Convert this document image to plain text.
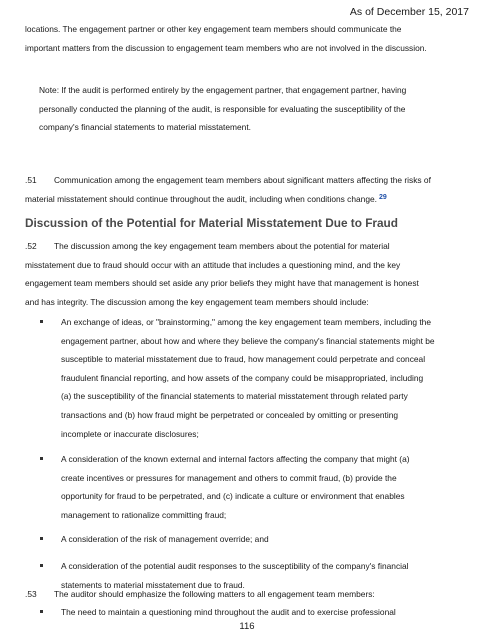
As of December 15, 2017

locations. The engagement partner or other key engagement team members should communicate the
important matters from the discussion to engagement team members who are not involved in the discussion.

Note: If the audit is performed entirely by the engagement partner, that engagement partner, having
personally conducted the planning of the audit, is responsible for evaluating the susceptibility of the
company's financial statements to material misstatement.

.51 Communication among the engagement team members about significant matters affecting the risks of
material misstatement should continue throughout the audit, including when conditions change. $^{29}$

Discussion of the Potential for Material Misstatement Due to Fraud

.52 The discussion among the key engagement team members about the potential for material
misstatement due to fraud should occur with an attitude that includes a questioning mind, and the key
engagement team members should set aside any prior beliefs they might have that management is honest
and has integrity. The discussion among the key engagement team members should include:

An exchange of ideas, or "brainstorming," among the key engagement team members, including the
engagement partner, about how and where they believe the company's financial statements might be
susceptible to material misstatement due to fraud, how management could perpetrate and conceal
fraudulent financial reporting, and how assets of the company could be misappropriated, including
(a) the susceptibility of the financial statements to material misstatement through related party
transactions and (b) how fraud might be perpetrated or concealed by omitting or presenting
incomplete or inaccurate disclosures;
A consideration of the known external and internal factors affecting the company that might (a)
create incentives or pressures for management and others to commit fraud, (b) provide the
opportunity for fraud to be perpetrated, and (c) indicate a culture or environment that enables
management to rationalize committing fraud;
A consideration of the risk of management override; and
A consideration of the potential audit responses to the susceptibility of the company's financial
statements to material misstatement due to fraud.

.53 The auditor should emphasize the following matters to all engagement team members:
The need to maintain a questioning mind throughout the audit and to exercise professional
116
